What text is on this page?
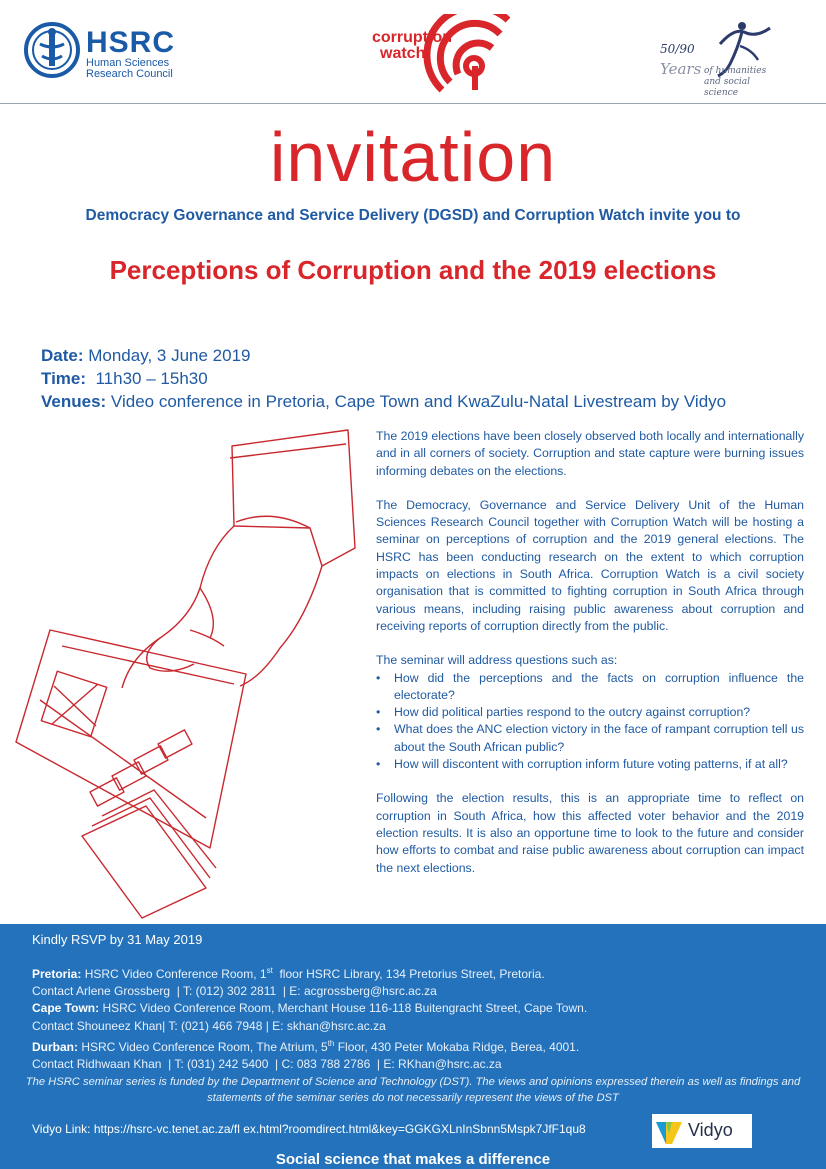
HSRC
Human Sciences
Research Council
corruption
watch	50/90
Years of humanities and social science
invitation
Democracy Governance and Service Delivery (DGSD) and Corruption Watch invite you to
Perceptions of Corruption and the 2019 elections
Date: Monday, 3 June 2019
Time:  11h30 – 15h30
Venues: Video conference in Pretoria, Cape Town and KwaZulu-Natal Livestream by Vidyo

The 2019 elections have been closely observed both locally and internationally and in all corners of society. Corruption and state capture were burning issues informing debates on the elections.

The Democracy, Governance and Service Delivery Unit of the Human Sciences Research Council together with Corruption Watch will be hosting a seminar on perceptions of corruption and the 2019 general elections. The HSRC has been conducting research on the extent to which corruption impacts on elections in South Africa. Corruption Watch is a civil society organisation that is committed to fighting corruption in South Africa through various means, including raising public awareness about corruption and receiving reports of corruption directly from the public.

The seminar will address questions such as:
• How did the perceptions and the facts on corruption influence the electorate?
• How did political parties respond to the outcry against corruption?
• What does the ANC election victory in the face of rampant corruption tell us about the South African public?
• How will discontent with corruption inform future voting patterns, if at all?

Following the election results, this is an appropriate time to reflect on corruption in South Africa, how this affected voter behavior and the 2019 election results. It is also an opportune time to look to the future and consider how efforts to combat and raise public awareness about corruption can impact the next elections.

Kindly RSVP by 31 May 2019
Pretoria: HSRC Video Conference Room, 1st  floor HSRC Library, 134 Pretorius Street, Pretoria.
Contact Arlene Grossberg  | T: (012) 302 2811  | E: acgrossberg@hsrc.ac.za
Cape Town: HSRC Video Conference Room, Merchant House 116-118 Buitengracht Street, Cape Town.
Contact Shouneez Khan| T: (021) 466 7948 | E: skhan@hsrc.ac.za
Durban: HSRC Video Conference Room, The Atrium, 5th Floor, 430 Peter Mokaba Ridge, Berea, 4001.
Contact Ridhwaan Khan  | T: (031) 242 5400  | C: 083 788 2786  | E: RKhan@hsrc.ac.za
The HSRC seminar series is funded by the Department of Science and Technology (DST). The views and opinions expressed therein as well as findings and statements of the seminar series do not necessarily represent the views of the DST
Vidyo Link: https://hsrc-vc.tenet.ac.za/fl ex.html?roomdirect.html&key=GGKGXLnInSbnn5Mspk7JfF1qu8	Vidyo
Social science that makes a difference
